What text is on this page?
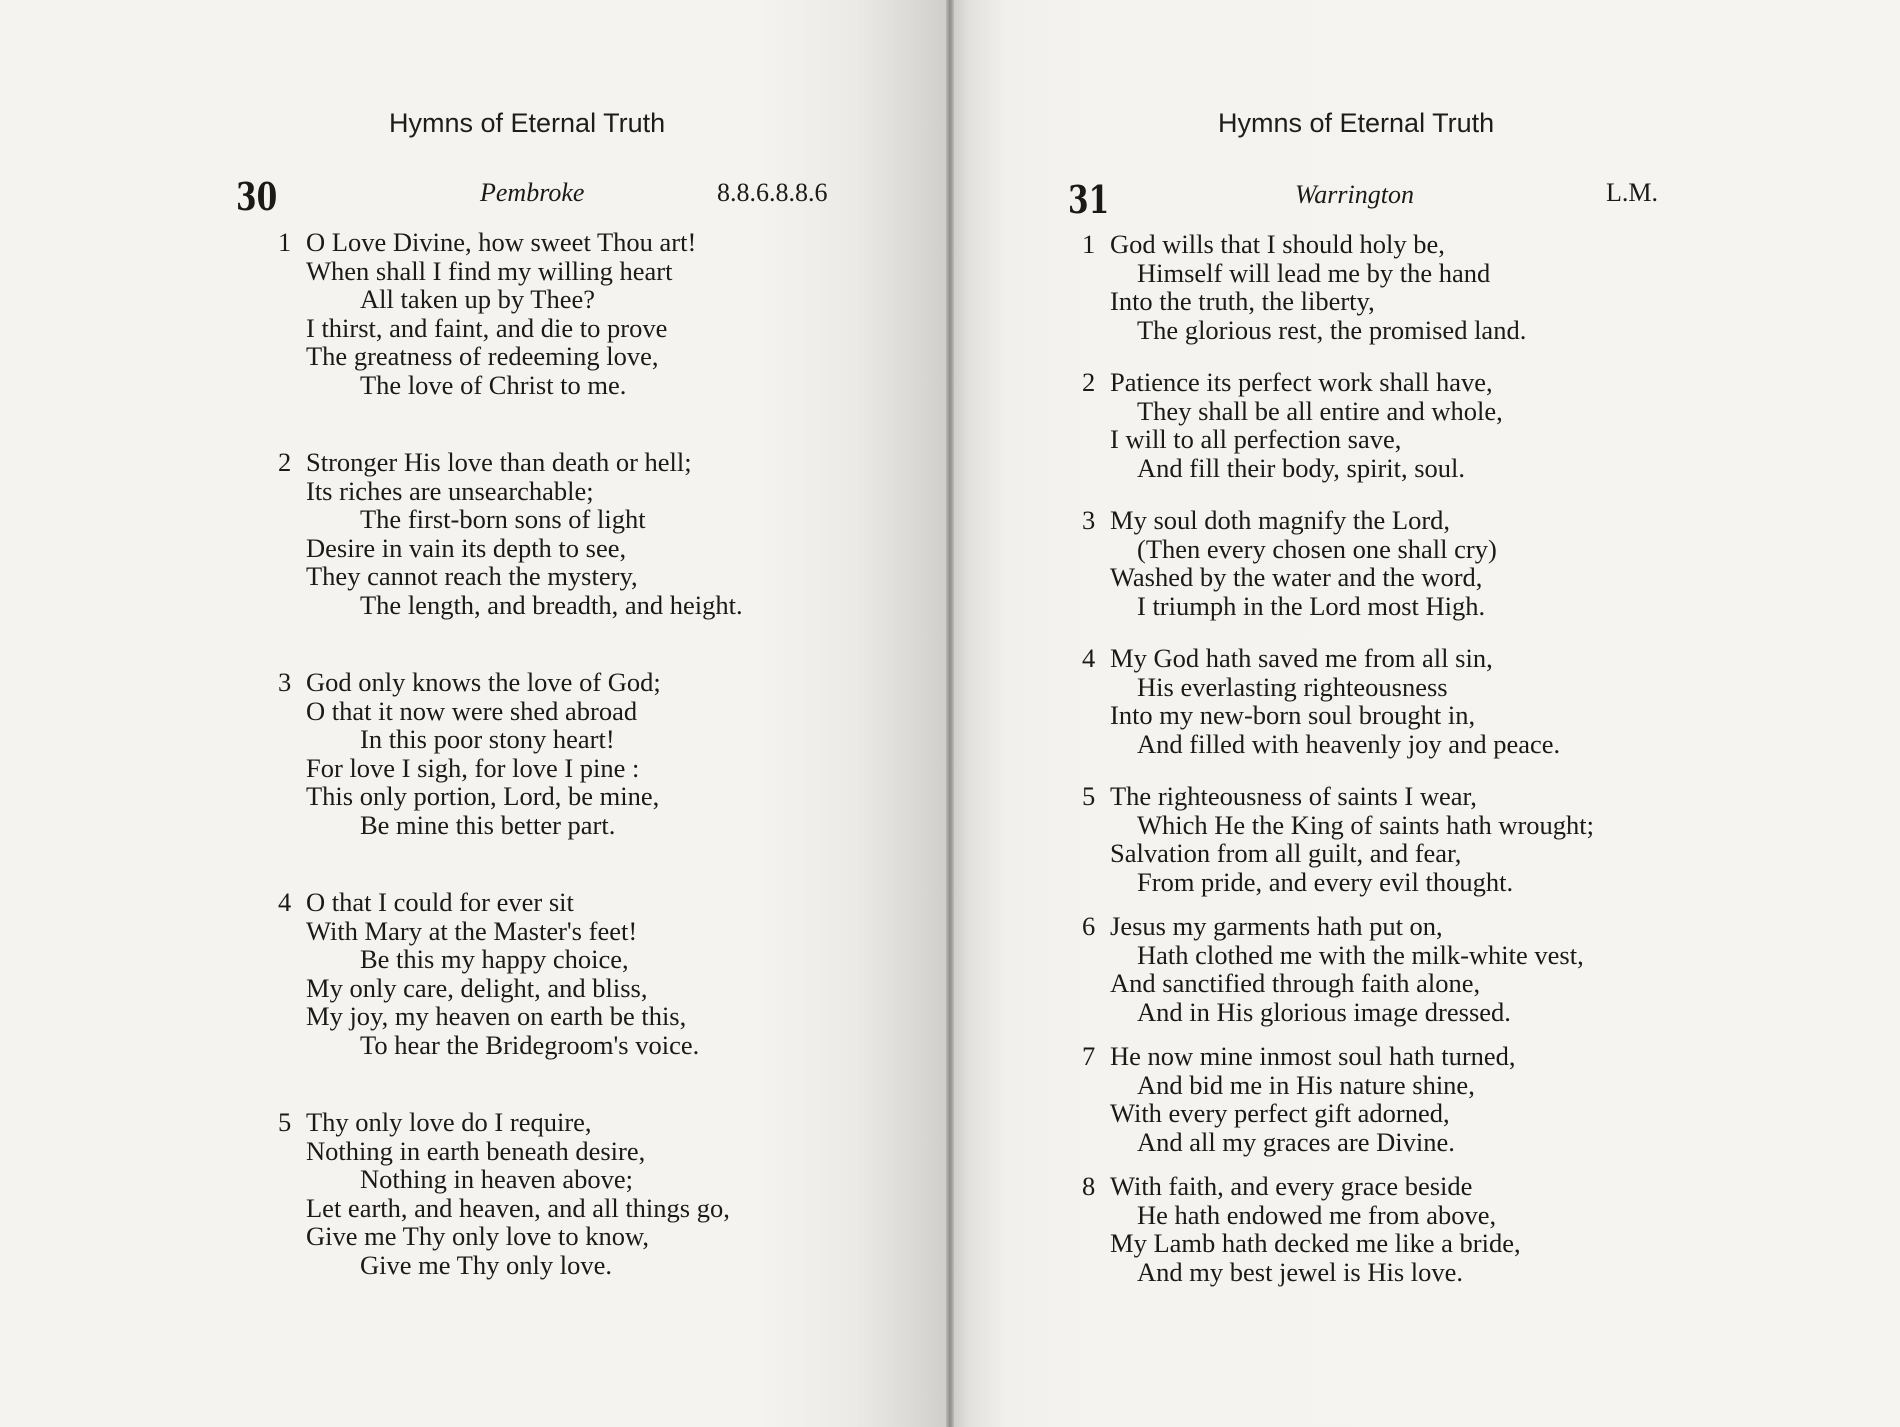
Hymns of Eternal Truth
30	Pembroke	8.8.6.8.8.6
1 O Love Divine, how sweet Thou art!
When shall I find my willing heart
All taken up by Thee?
I thirst, and faint, and die to prove
The greatness of redeeming love,
The love of Christ to me.
2 Stronger His love than death or hell;
Its riches are unsearchable;
The first-born sons of light
Desire in vain its depth to see,
They cannot reach the mystery,
The length, and breadth, and height.
3 God only knows the love of God;
O that it now were shed abroad
In this poor stony heart!
For love I sigh, for love I pine :
This only portion, Lord, be mine,
Be mine this better part.
4 O that I could for ever sit
With Mary at the Master's feet!
Be this my happy choice,
My only care, delight, and bliss,
My joy, my heaven on earth be this,
To hear the Bridegroom's voice.
5 Thy only love do I require,
Nothing in earth beneath desire,
Nothing in heaven above;
Let earth, and heaven, and all things go,
Give me Thy only love to know,
Give me Thy only love.
Hymns of Eternal Truth
31	Warrington	L.M.
1 God wills that I should holy be,
Himself will lead me by the hand
Into the truth, the liberty,
The glorious rest, the promised land.
2 Patience its perfect work shall have,
They shall be all entire and whole,
I will to all perfection save,
And fill their body, spirit, soul.
3 My soul doth magnify the Lord,
(Then every chosen one shall cry)
Washed by the water and the word,
I triumph in the Lord most High.
4 My God hath saved me from all sin,
His everlasting righteousness
Into my new-born soul brought in,
And filled with heavenly joy and peace.
5 The righteousness of saints I wear,
Which He the King of saints hath wrought;
Salvation from all guilt, and fear,
From pride, and every evil thought.
6 Jesus my garments hath put on,
Hath clothed me with the milk-white vest,
And sanctified through faith alone,
And in His glorious image dressed.
7 He now mine inmost soul hath turned,
And bid me in His nature shine,
With every perfect gift adorned,
And all my graces are Divine.
8 With faith, and every grace beside
He hath endowed me from above,
My Lamb hath decked me like a bride,
And my best jewel is His love.
